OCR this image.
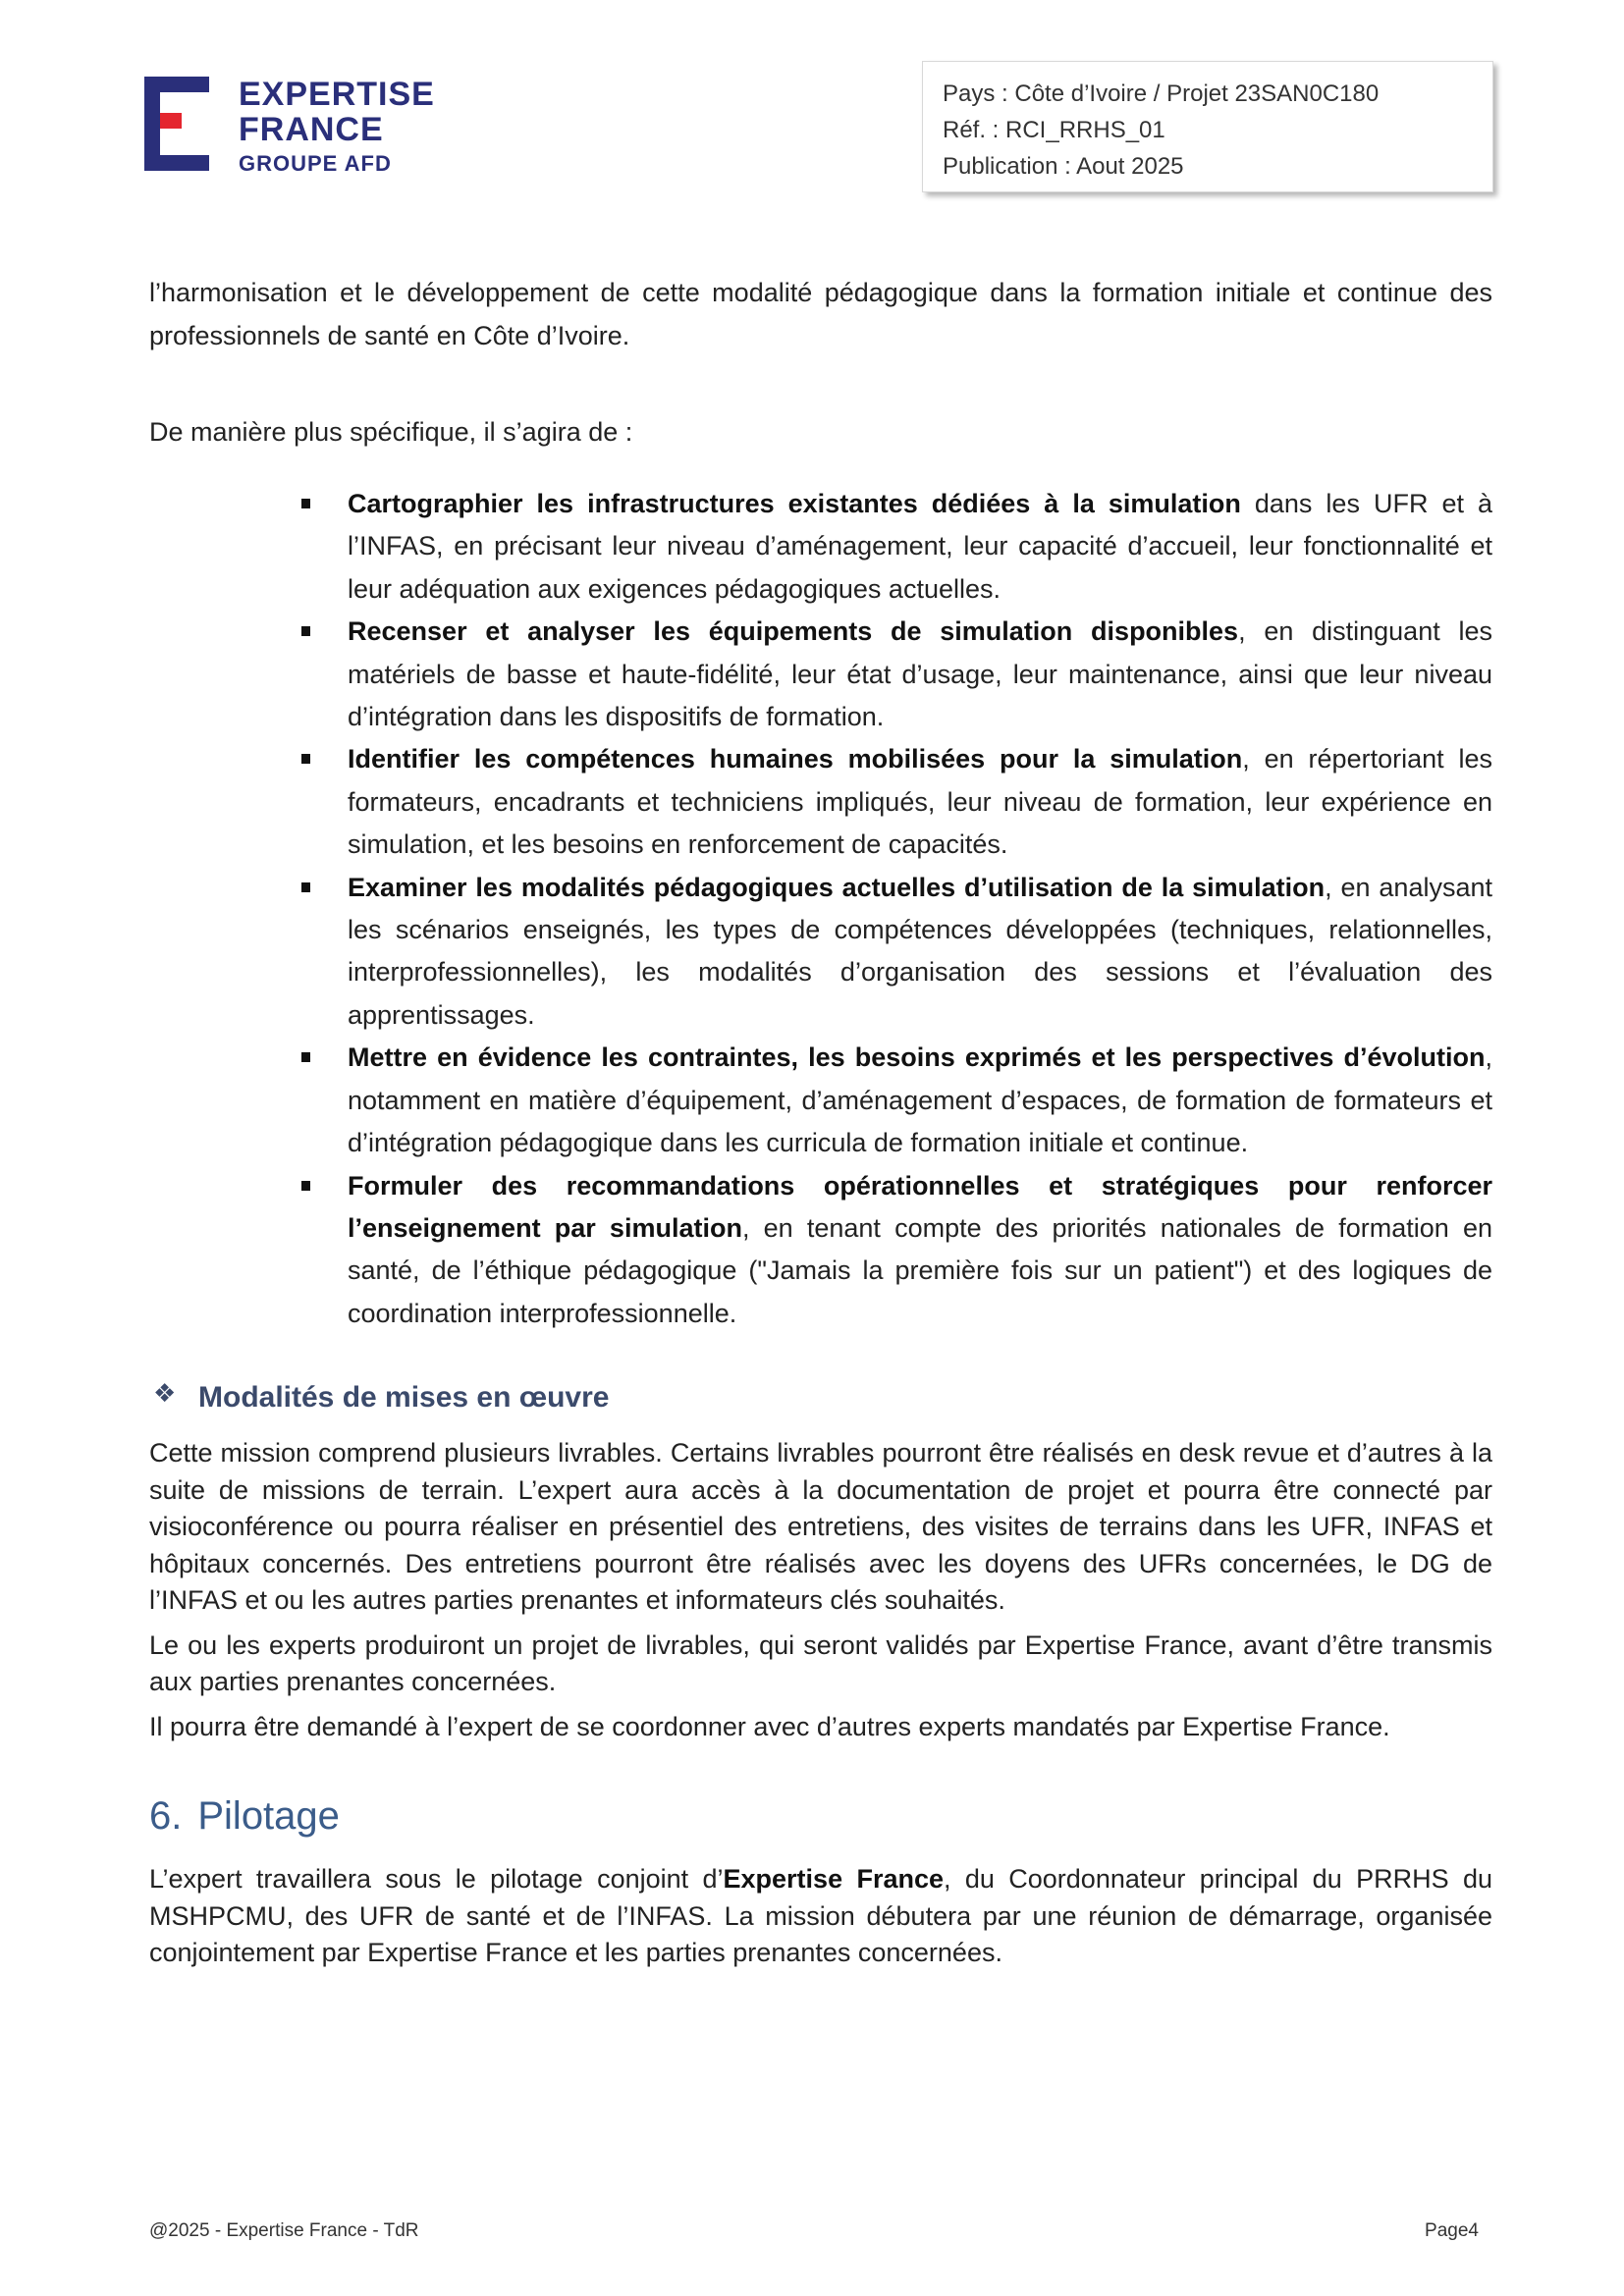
EXPERTISE
FRANCE
GROUPE AFD
Pays : Côte d’Ivoire / Projet 23SAN0C180
Réf. : RCI_RRHS_01
Publication : Aout 2025

l’harmonisation et le développement de cette modalité pédagogique dans la formation initiale et continue des professionnels de santé en Côte d’Ivoire.

De manière plus spécifique, il s’agira de :

Cartographier les infrastructures existantes dédiées à la simulation dans les UFR et à l’INFAS, en précisant leur niveau d’aménagement, leur capacité d’accueil, leur fonctionnalité et leur adéquation aux exigences pédagogiques actuelles.
Recenser et analyser les équipements de simulation disponibles, en distinguant les matériels de basse et haute-fidélité, leur état d’usage, leur maintenance, ainsi que leur niveau d’intégration dans les dispositifs de formation.
Identifier les compétences humaines mobilisées pour la simulation, en répertoriant les formateurs, encadrants et techniciens impliqués, leur niveau de formation, leur expérience en simulation, et les besoins en renforcement de capacités.
Examiner les modalités pédagogiques actuelles d’utilisation de la simulation, en analysant les scénarios enseignés, les types de compétences développées (techniques, relationnelles, interprofessionnelles), les modalités d’organisation des sessions et l’évaluation des apprentissages.
Mettre en évidence les contraintes, les besoins exprimés et les perspectives d’évolution, notamment en matière d’équipement, d’aménagement d’espaces, de formation de formateurs et d’intégration pédagogique dans les curricula de formation initiale et continue.
Formuler des recommandations opérationnelles et stratégiques pour renforcer l’enseignement par simulation, en tenant compte des priorités nationales de formation en santé, de l’éthique pédagogique ("Jamais la première fois sur un patient") et des logiques de coordination interprofessionnelle.
❖ Modalités de mises en œuvre

Cette mission comprend plusieurs livrables. Certains livrables pourront être réalisés en desk revue et d’autres à la suite de missions de terrain. L’expert aura accès à la documentation de projet et pourra être connecté par visioconférence ou pourra réaliser en présentiel des entretiens, des visites de terrains dans les UFR, INFAS et hôpitaux concernés. Des entretiens pourront être réalisés avec les doyens des UFRs concernées, le DG de l’INFAS et ou les autres parties prenantes et informateurs clés souhaités.

Le ou les experts produiront un projet de livrables, qui seront validés par Expertise France, avant d’être transmis aux parties prenantes concernées.

Il pourra être demandé à l’expert de se coordonner avec d’autres experts mandatés par Expertise France.

6. Pilotage

L’expert travaillera sous le pilotage conjoint d’Expertise France, du Coordonnateur principal du PRRHS du MSHPCMU, des UFR de santé et de l’INFAS. La mission débutera par une réunion de démarrage, organisée conjointement par Expertise France et les parties prenantes concernées.

@2025 - Expertise France - TdR	Page4
